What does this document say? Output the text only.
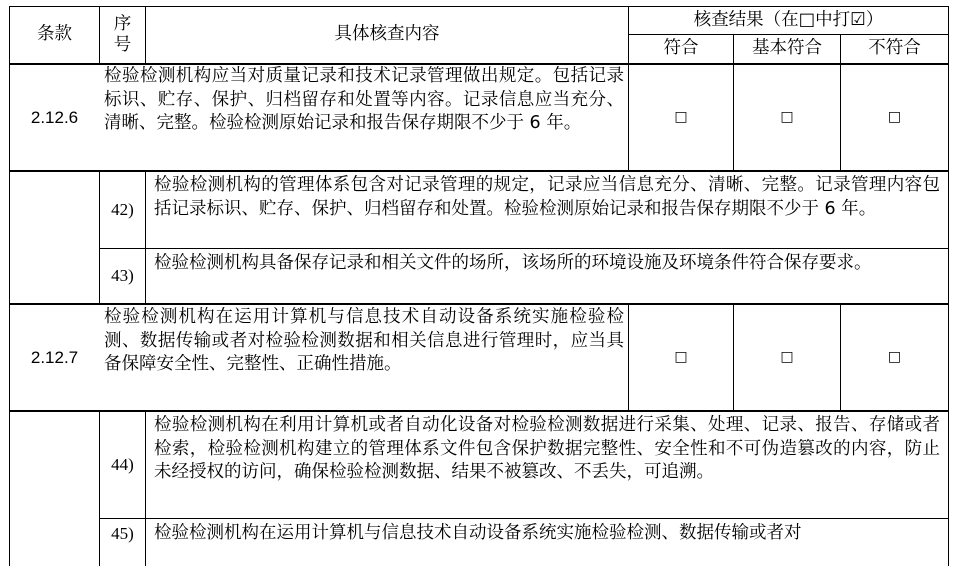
条款
序
号
具体核查内容
核查结果（在□中打☑）
符合	基本符合	不符合
2.12.6
检验检测机构应当对质量记录和技术记录管理做出规定。包括记录标识、贮存、保护、归档留存和处置等内容。记录信息应当充分、清晰、完整。检验检测原始记录和报告保存期限不少于 6 年。	□	□	□
42)
检验检测机构的管理体系包含对记录管理的规定，记录应当信息充分、清晰、完整。记录管理内容包括记录标识、贮存、保护、归档留存和处置。检验检测原始记录和报告保存期限不少于 6 年。
43)
检验检测机构具备保存记录和相关文件的场所，该场所的环境设施及环境条件符合保存要求。
2.12.7
检验检测机构在运用计算机与信息技术自动设备系统实施检验检测、数据传输或者对检验检测数据和相关信息进行管理时，应当具备保障安全性、完整性、正确性措施。	□	□	□
44)
检验检测机构在利用计算机或者自动化设备对检验检测数据进行采集、处理、记录、报告、存储或者检索，检验检测机构建立的管理体系文件包含保护数据完整性、安全性和不可伪造篡改的内容，防止未经授权的访问，确保检验检测数据、结果不被篡改、不丢失，可追溯。
45)	检验检测机构在运用计算机与信息技术自动设备系统实施检验检测、数据传输或者对
